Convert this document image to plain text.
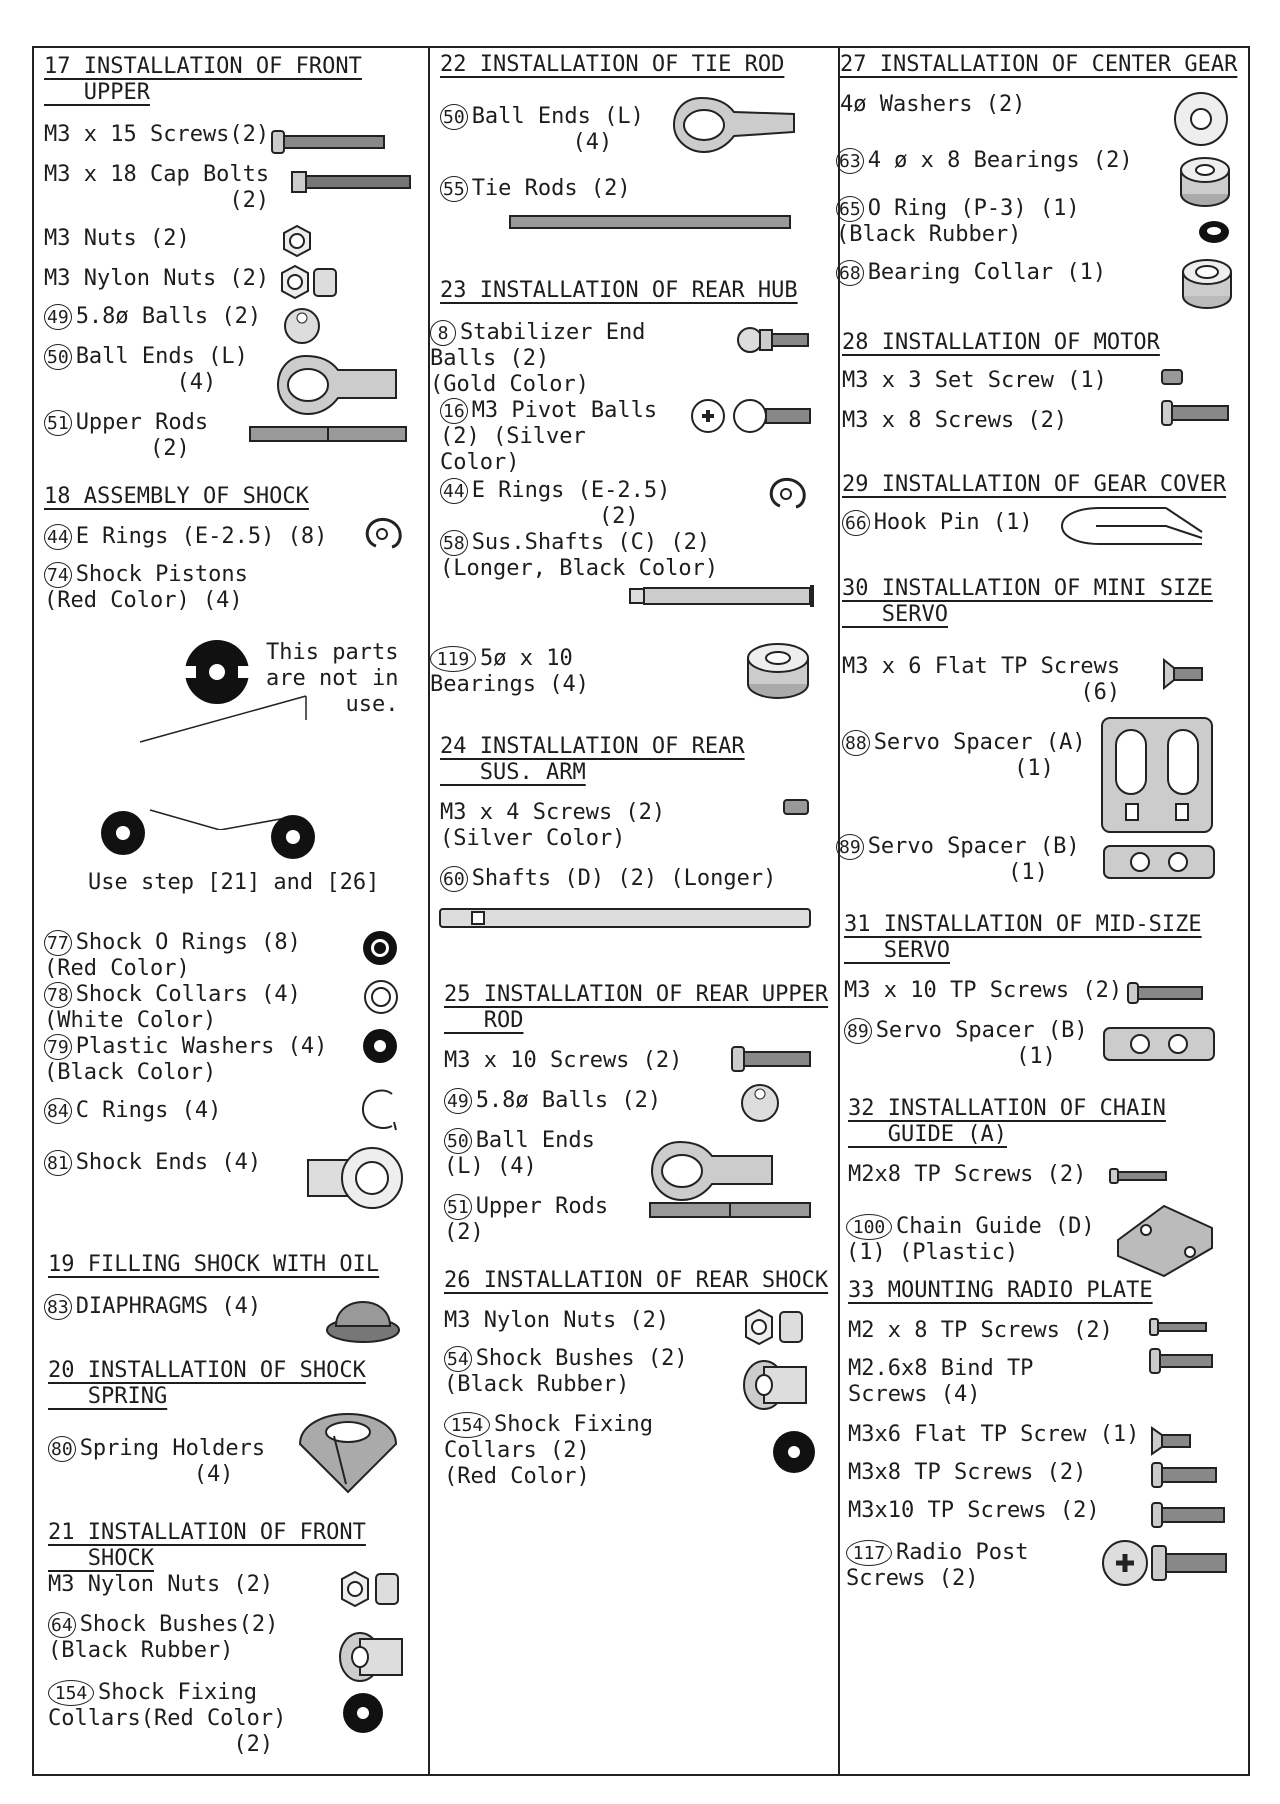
17 INSTALLATION OF FRONT
UPPER
M3 x 15 Screws(2)
M3 x 18 Cap Bolts
(2)
M3 Nuts (2)
M3 Nylon Nuts (2)
49 5.8ø Balls (2)
50 Ball Ends (L)
(4)
51 Upper Rods
(2)
18 ASSEMBLY OF SHOCK
44 E Rings (E-2.5) (8)
74 Shock Pistons
(Red Color) (4)
This parts
are not in
use.
Use step [21] and [26]
77 Shock O Rings (8)
(Red Color)
78 Shock Collars (4)
(White Color)
79 Plastic Washers (4)
(Black Color)
84 C Rings (4)
81 Shock Ends (4)
19 FILLING SHOCK WITH OIL
83 DIAPHRAGMS (4)
20 INSTALLATION OF SHOCK
SPRING
80 Spring Holders
(4)
21 INSTALLATION OF FRONT
SHOCK
M3 Nylon Nuts (2)
64 Shock Bushes(2)
(Black Rubber)
154 Shock Fixing
Collars(Red Color)
(2)
22 INSTALLATION OF TIE ROD
50 Ball Ends (L)
(4)
55 Tie Rods (2)
23 INSTALLATION OF REAR HUB
8 Stabilizer End
Balls (2)
(Gold Color)
16 M3 Pivot Balls
(2) (Silver
Color)
44 E Rings (E-2.5)
(2)
58 Sus.Shafts (C) (2)
(Longer, Black Color)
119 5ø x 10
Bearings (4)
24 INSTALLATION OF REAR
SUS. ARM
M3 x 4 Screws (2)
(Silver Color)
60 Shafts (D) (2) (Longer)
25 INSTALLATION OF REAR UPPER
ROD
M3 x 10 Screws (2)
49 5.8ø Balls (2)
50 Ball Ends
(L) (4)
51 Upper Rods
(2)
26 INSTALLATION OF REAR SHOCK
M3 Nylon Nuts (2)
54 Shock Bushes (2)
(Black Rubber)
154 Shock Fixing
Collars (2)
(Red Color)
27 INSTALLATION OF CENTER GEAR
4ø Washers (2)
63 4 ø x 8 Bearings (2)
65 O Ring (P-3) (1)
(Black Rubber)
68 Bearing Collar (1)
28 INSTALLATION OF MOTOR
M3 x 3 Set Screw (1)
M3 x 8 Screws (2)
29 INSTALLATION OF GEAR COVER
66 Hook Pin (1)
30 INSTALLATION OF MINI SIZE
SERVO
M3 x 6 Flat TP Screws
(6)
88 Servo Spacer (A)
(1)
89 Servo Spacer (B)
(1)
31 INSTALLATION OF MID-SIZE
SERVO
M3 x 10 TP Screws (2)
89 Servo Spacer (B)
(1)
32 INSTALLATION OF CHAIN
GUIDE (A)
M2x8 TP Screws (2)
100 Chain Guide (D)
(1) (Plastic)
33 MOUNTING RADIO PLATE
M2 x 8 TP Screws (2)
M2.6x8 Bind TP
Screws (4)
M3x6 Flat TP Screw (1)
M3x8 TP Screws (2)
M3x10 TP Screws (2)
117 Radio Post
Screws (2)
